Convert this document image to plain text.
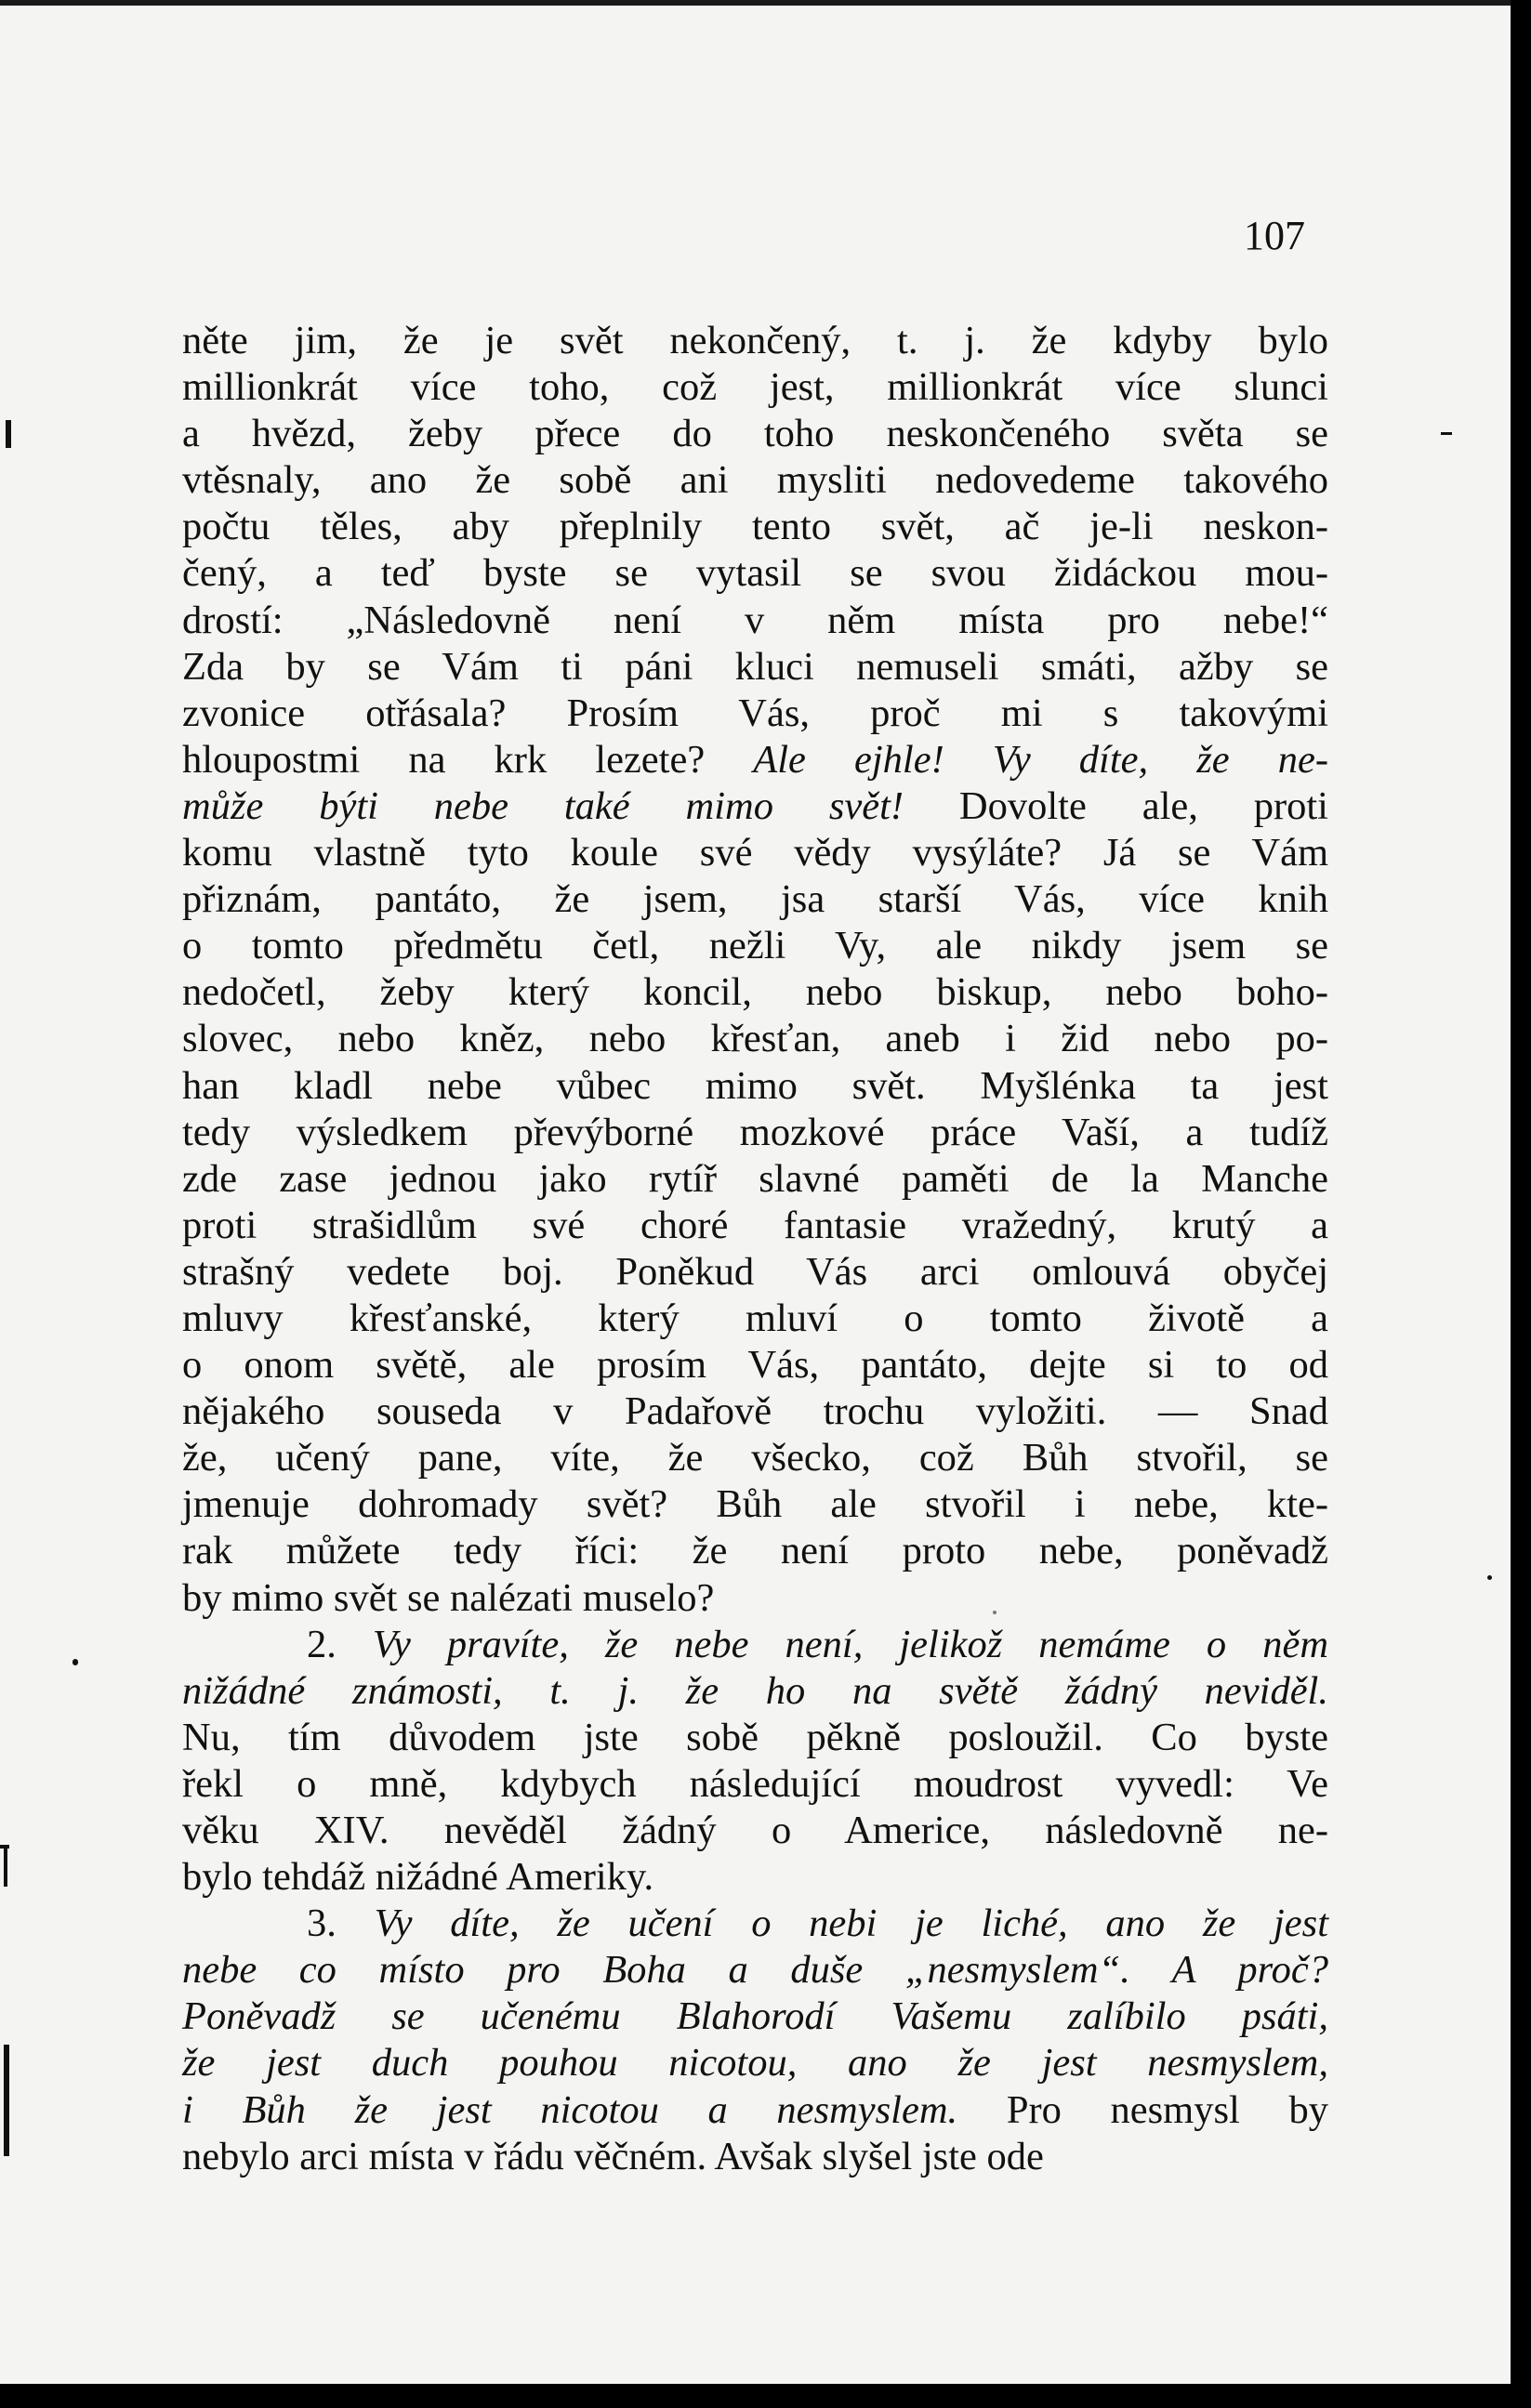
107
něte jim, že je svět nekončený, t. j. že kdyby bylo
millionkrát více toho, což jest, millionkrát více slunci
a hvězd, žeby přece do toho neskončeného světa se
vtěsnaly, ano že sobě ani mysliti nedovedeme takového
počtu těles, aby přeplnily tento svět, ač je-li neskon-
čený, a teď byste se vytasil se svou židáckou mou-
drostí: „Následovně není v něm místa pro nebe!“
Zda by se Vám ti páni kluci nemuseli smáti, ažby se
zvonice otřásala? Prosím Vás, proč mi s takovými
hloupostmi na krk lezete? Ale ejhle! Vy díte, že ne-
může býti nebe také mimo svět! Dovolte ale, proti
komu vlastně tyto koule své vědy vysýláte? Já se Vám
přiznám, pantáto, že jsem, jsa starší Vás, více knih
o tomto předmětu četl, nežli Vy, ale nikdy jsem se
nedočetl, žeby který koncil, nebo biskup, nebo boho-
slovec, nebo kněz, nebo křesťan, aneb i žid nebo po-
han kladl nebe vůbec mimo svět. Myšlénka ta jest
tedy výsledkem převýborné mozkové práce Vaší, a tudíž
zde zase jednou jako rytíř slavné paměti de la Manche
proti strašidlům své choré fantasie vražedný, krutý a
strašný vedete boj. Poněkud Vás arci omlouvá obyčej
mluvy křesťanské, který mluví o tomto životě a
o onom světě, ale prosím Vás, pantáto, dejte si to od
nějakého souseda v Padařově trochu vyložiti. — Snad
že, učený pane, víte, že všecko, což Bůh stvořil, se
jmenuje dohromady svět? Bůh ale stvořil i nebe, kte-
rak můžete tedy říci: že není proto nebe, poněvadž
by mimo svět se nalézati muselo?
2. Vy pravíte, že nebe není, jelikož nemáme o něm
nižádné známosti, t. j. že ho na světě žádný neviděl.
Nu, tím důvodem jste sobě pěkně posloužil. Co byste
řekl o mně, kdybych následující moudrost vyvedl: Ve
věku XIV. nevěděl žádný o Americe, následovně ne-
bylo tehdáž nižádné Ameriky.
3. Vy díte, že učení o nebi je liché, ano že jest
nebe co místo pro Boha a duše „nesmyslem“. A proč?
Poněvadž se učenému Blahorodí Vašemu zalíbilo psáti,
že jest duch pouhou nicotou, ano že jest nesmyslem,
i Bůh že jest nicotou a nesmyslem. Pro nesmysl by
nebylo arci místa v řádu věčném. Avšak slyšel jste ode
